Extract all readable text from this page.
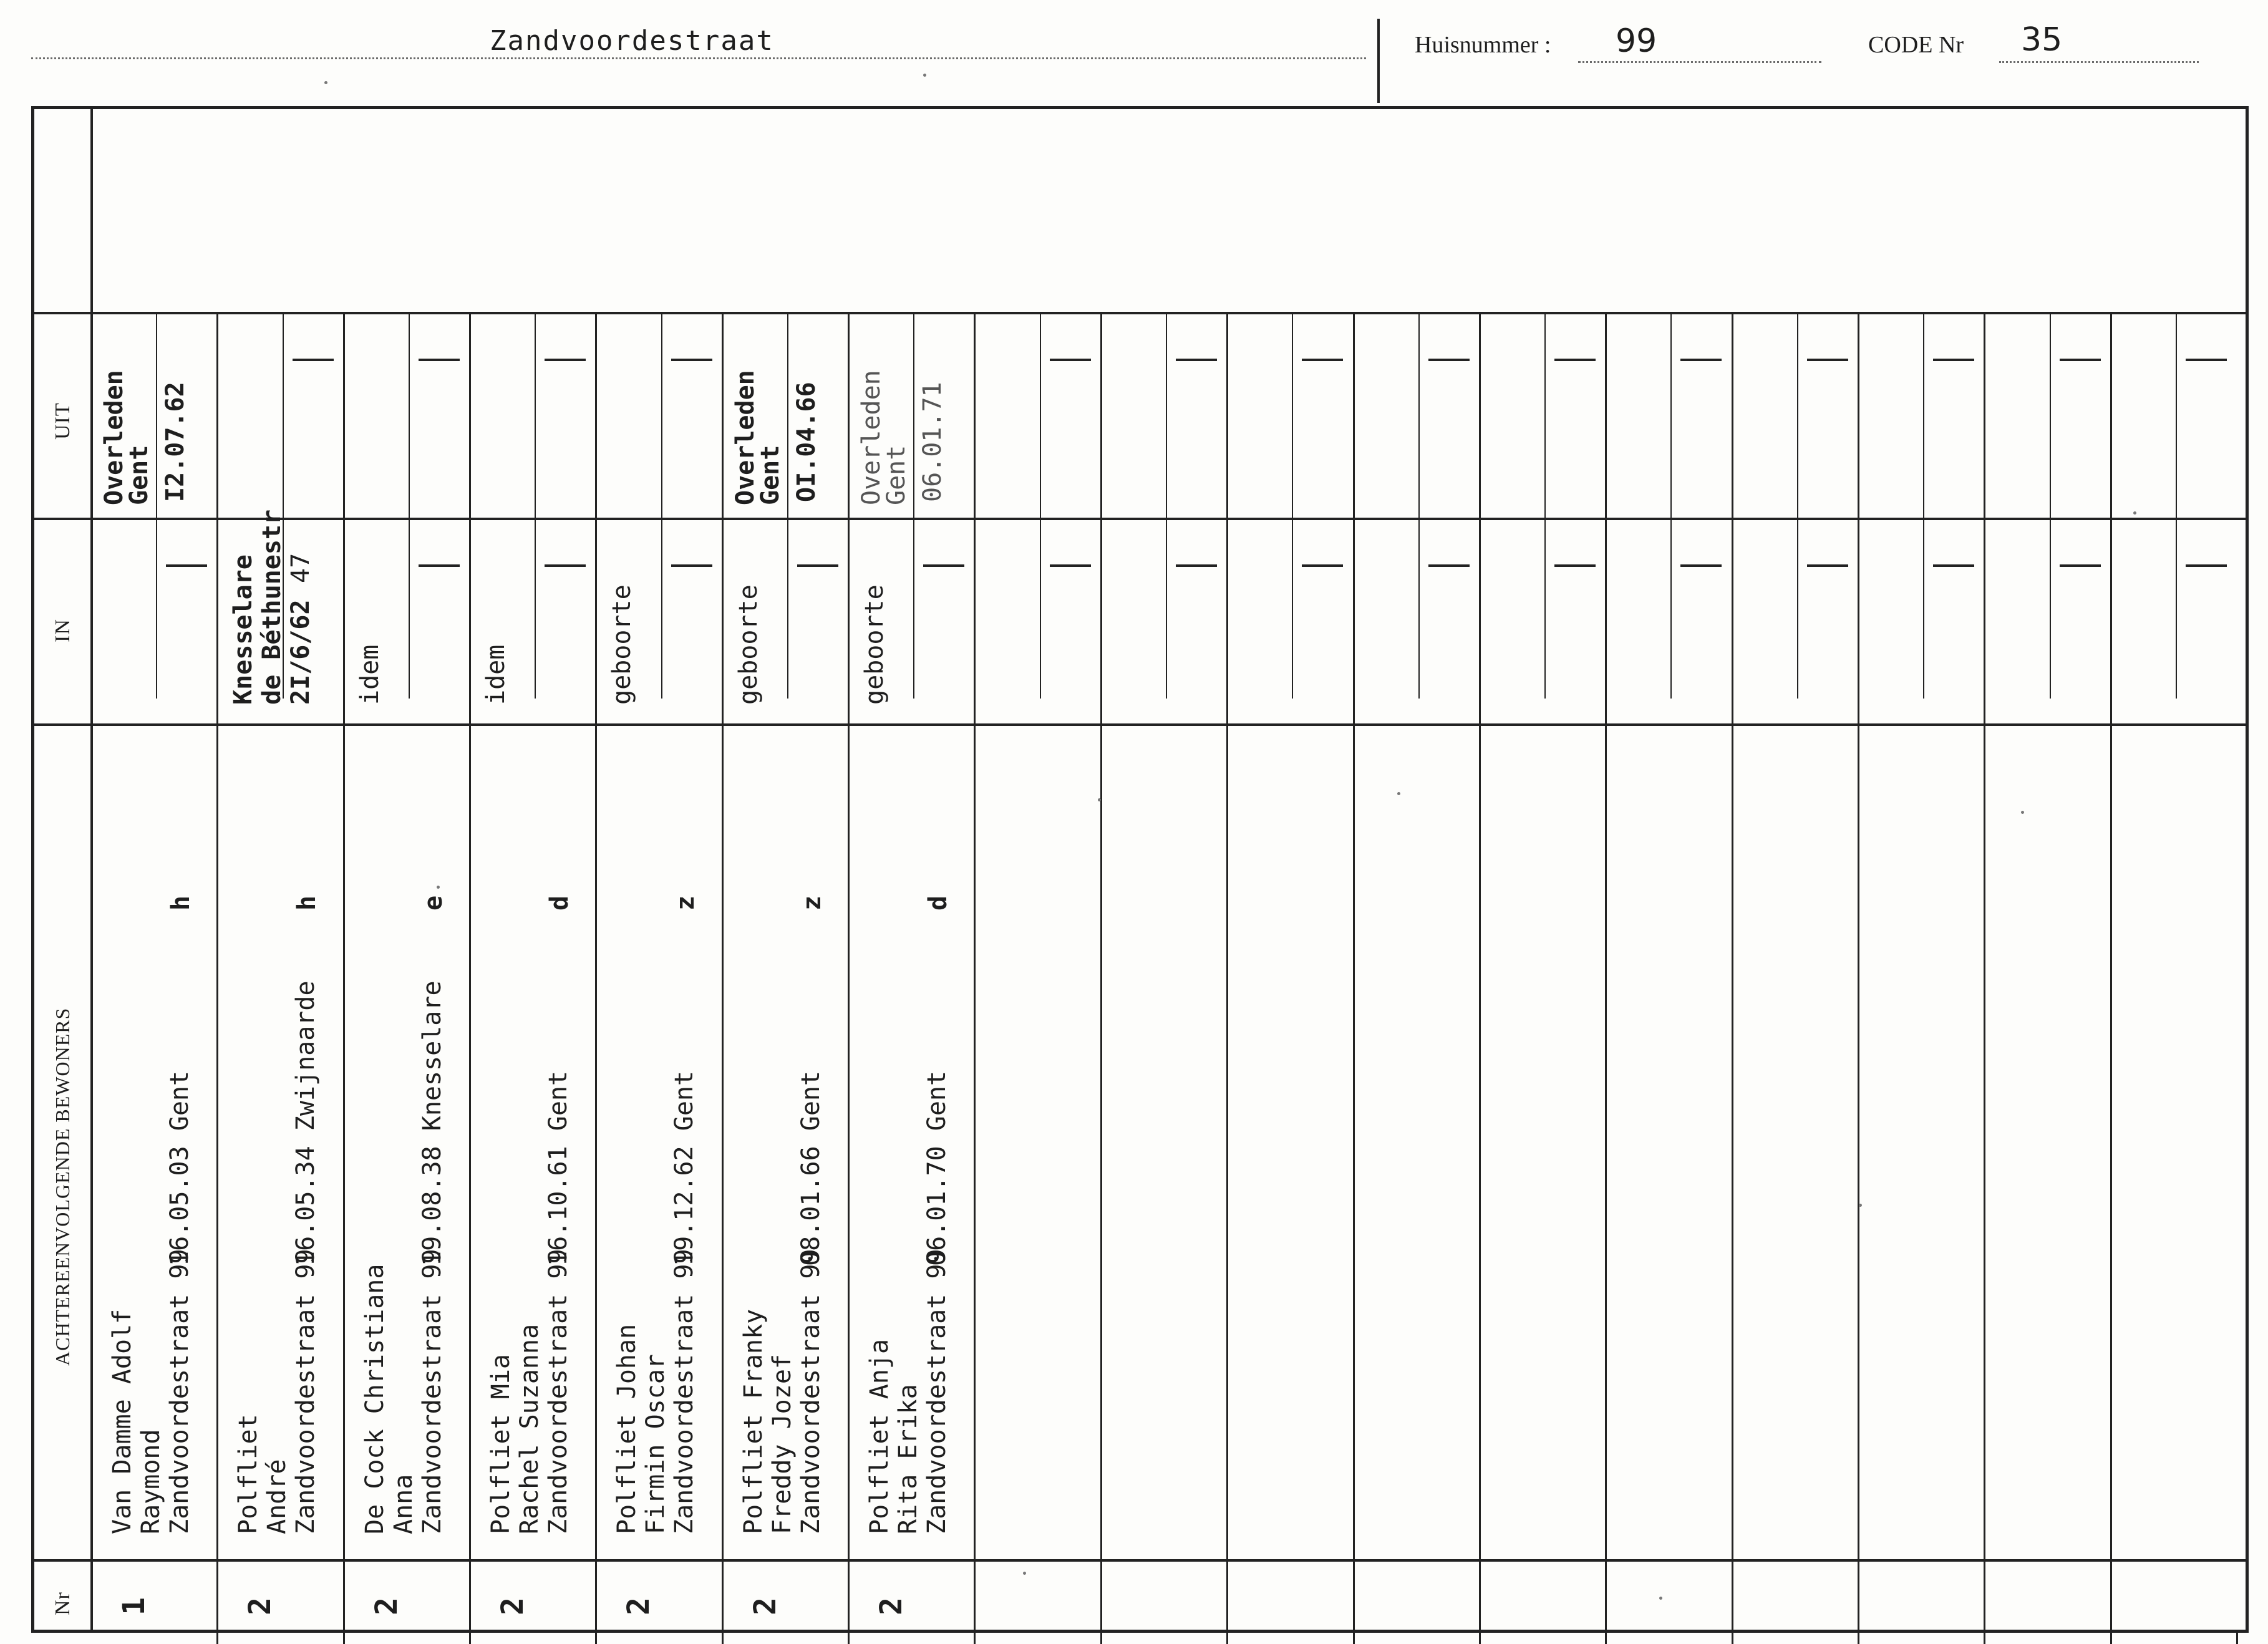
Zandvoordestraat	Huisnummer : 99	CODE Nr 35
UIT
IN
ACHTEREENVOLGENDE BEWONERS
Nr 1
Van Damme Adolf Raymond Zandvoordestraat 99
16.05.03 Gent
h
Overleden
Gent I2.07.62
2
Polfliet André Zandvoordestraat 99
16.05.34 Zwijnaarde
h
Knesselare de Béthunestr 2I/6/62
47
2
De Cock Christiana Anna Zandvoordestraat 99
19.08.38 Knesselare
e
idem
2
Polfliet Mia Rachel Suzanna Zandvoordestraat 99
16.10.61 Gent
d
idem
2
Polfliet Johan Firmin Oscar Zandvoordestraat 99
19.12.62 Gent
z
geboorte
2
Polfliet Franky Freddy Jozef Zandvoordestraat 99
08.01.66 Gent
z
geboorte
Overleden
Gent OI.04.66
2
Polfliet Anja Rita Erika Zandvoordestraat 99
06.01.70 Gent
d
geboorte
Overleden
Gent 06.01.71
